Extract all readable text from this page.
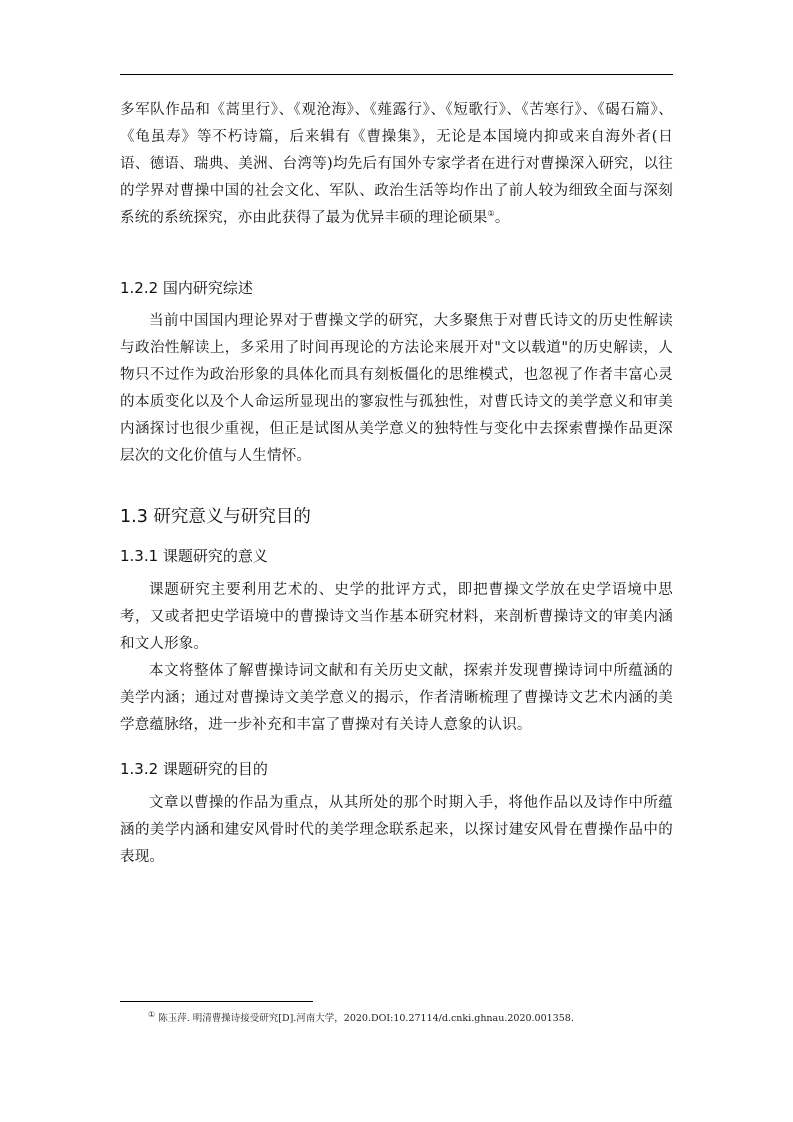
多军队作品和《蒿里行》、《观沧海》、《薤露行》、《短歌行》、《苦寒行》、《碣石篇》、《龟虽寿》等不朽诗篇，后来辑有《曹操集》，无论是本国境内抑或来自海外者(日语、德语、瑞典、美洲、台湾等)均先后有国外专家学者在进行对曹操深入研究，以往的学界对曹操中国的社会文化、军队、政治生活等均作出了前人较为细致全面与深刻系统的系统探究，亦由此获得了最为优异丰硕的理论硕果①。

1.2.2 国内研究综述

当前中国国内理论界对于曹操文学的研究，大多聚焦于对曹氏诗文的历史性解读与政治性解读上，多采用了时间再现论的方法论来展开对"文以载道"的历史解读，人物只不过作为政治形象的具体化而具有刻板僵化的思维模式，也忽视了作者丰富心灵的本质变化以及个人命运所显现出的寥寂性与孤独性，对曹氏诗文的美学意义和审美内涵探讨也很少重视，但正是试图从美学意义的独特性与变化中去探索曹操作品更深层次的文化价值与人生情怀。

1.3 研究意义与研究目的
1.3.1 课题研究的意义

课题研究主要利用艺术的、史学的批评方式，即把曹操文学放在史学语境中思考，又或者把史学语境中的曹操诗文当作基本研究材料，来剖析曹操诗文的审美内涵和文人形象。

本文将整体了解曹操诗词文献和有关历史文献，探索并发现曹操诗词中所蕴涵的美学内涵；通过对曹操诗文美学意义的揭示，作者清晰梳理了曹操诗文艺术内涵的美学意蕴脉络，进一步补充和丰富了曹操对有关诗人意象的认识。

1.3.2 课题研究的目的

文章以曹操的作品为重点，从其所处的那个时期入手，将他作品以及诗作中所蕴涵的美学内涵和建安风骨时代的美学理念联系起来，以探讨建安风骨在曹操作品中的表现。

① 陈玉萍. 明清曹操诗接受研究[D].河南大学，2020.DOI:10.27114/d.cnki.ghnau.2020.001358.
